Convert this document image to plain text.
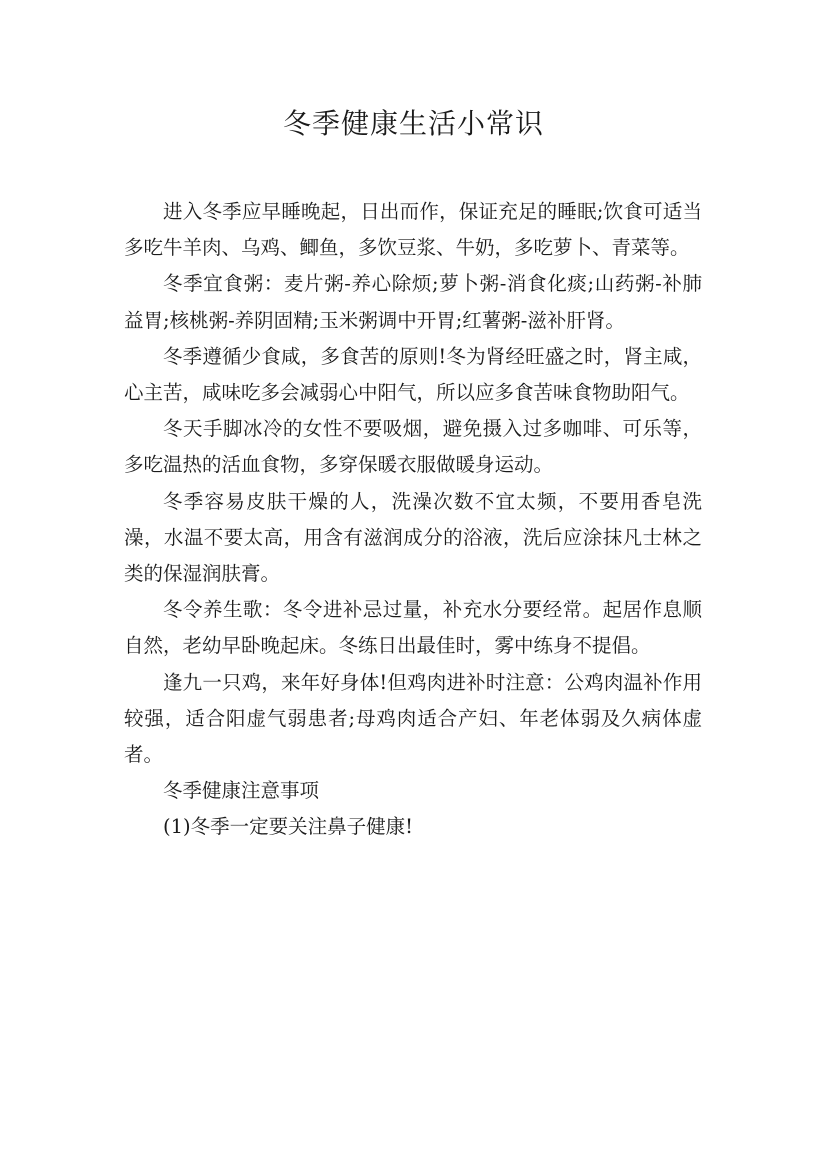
冬季健康生活小常识

进入冬季应早睡晚起，日出而作，保证充足的睡眠;饮食可适当多吃牛羊肉、乌鸡、鲫鱼，多饮豆浆、牛奶，多吃萝卜、青菜等。

冬季宜食粥：麦片粥-养心除烦;萝卜粥-消食化痰;山药粥-补肺益胃;核桃粥-养阴固精;玉米粥调中开胃;红薯粥-滋补肝肾。

冬季遵循少食咸，多食苦的原则!冬为肾经旺盛之时，肾主咸，心主苦，咸味吃多会减弱心中阳气，所以应多食苦味食物助阳气。

冬天手脚冰冷的女性不要吸烟，避免摄入过多咖啡、可乐等，多吃温热的活血食物，多穿保暖衣服做暖身运动。

冬季容易皮肤干燥的人，洗澡次数不宜太频，不要用香皂洗澡，水温不要太高，用含有滋润成分的浴液，洗后应涂抹凡士林之类的保湿润肤膏。

冬令养生歌：冬令进补忌过量，补充水分要经常。起居作息顺自然，老幼早卧晚起床。冬练日出最佳时，雾中练身不提倡。

逢九一只鸡，来年好身体!但鸡肉进补时注意：公鸡肉温补作用较强，适合阳虚气弱患者;母鸡肉适合产妇、年老体弱及久病体虚者。

冬季健康注意事项

(1)冬季一定要关注鼻子健康!
